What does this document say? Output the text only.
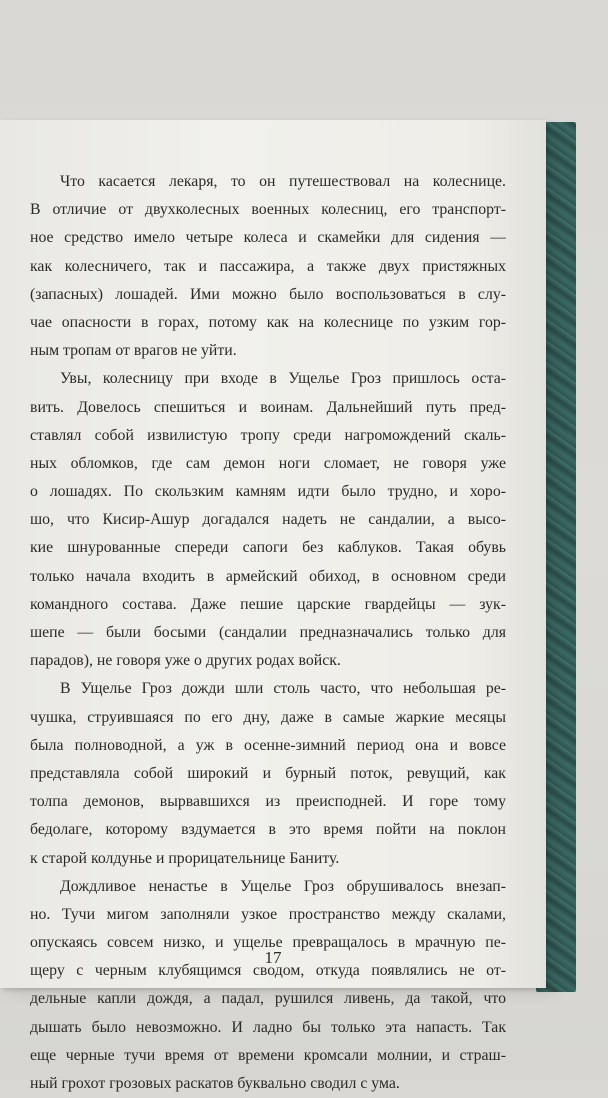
Что касается лекаря, то он путешествовал на колеснице.
В отличие от двухколесных военных колесниц, его транспорт-
ное средство имело четыре колеса и скамейки для сидения —
как колесничего, так и пассажира, а также двух пристяжных
(запасных) лошадей. Ими можно было воспользоваться в слу-
чае опасности в горах, потому как на колеснице по узким гор-
ным тропам от врагов не уйти.
Увы, колесницу при входе в Ущелье Гроз пришлось оста-
вить. Довелось спешиться и воинам. Дальнейший путь пред-
ставлял собой извилистую тропу среди нагромождений скаль-
ных обломков, где сам демон ноги сломает, не говоря уже
о лошадях. По скользким камням идти было трудно, и хоро-
шо, что Кисир-Ашур догадался надеть не сандалии, а высо-
кие шнурованные спереди сапоги без каблуков. Такая обувь
только начала входить в армейский обиход, в основном среди
командного состава. Даже пешие царские гвардейцы — зук-
шепе — были босыми (сандалии предназначались только для
парадов), не говоря уже о других родах войск.
В Ущелье Гроз дожди шли столь часто, что небольшая ре-
чушка, струившаяся по его дну, даже в самые жаркие месяцы
была полноводной, а уж в осенне-зимний период она и вовсе
представляла собой широкий и бурный поток, ревущий, как
толпа демонов, вырвавшихся из преисподней. И горе тому
бедолаге, которому вздумается в это время пойти на поклон
к старой колдунье и прорицательнице Баниту.
Дождливое ненастье в Ущелье Гроз обрушивалось внезап-
но. Тучи мигом заполняли узкое пространство между скалами,
опускаясь совсем низко, и ущелье превращалось в мрачную пе-
щеру с черным клубящимся сводом, откуда появлялись не от-
дельные капли дождя, а падал, рушился ливень, да такой, что
дышать было невозможно. И ладно бы только эта напасть. Так
еще черные тучи время от времени кромсали молнии, и страш-
ный грохот грозовых раскатов буквально сводил с ума.
17
